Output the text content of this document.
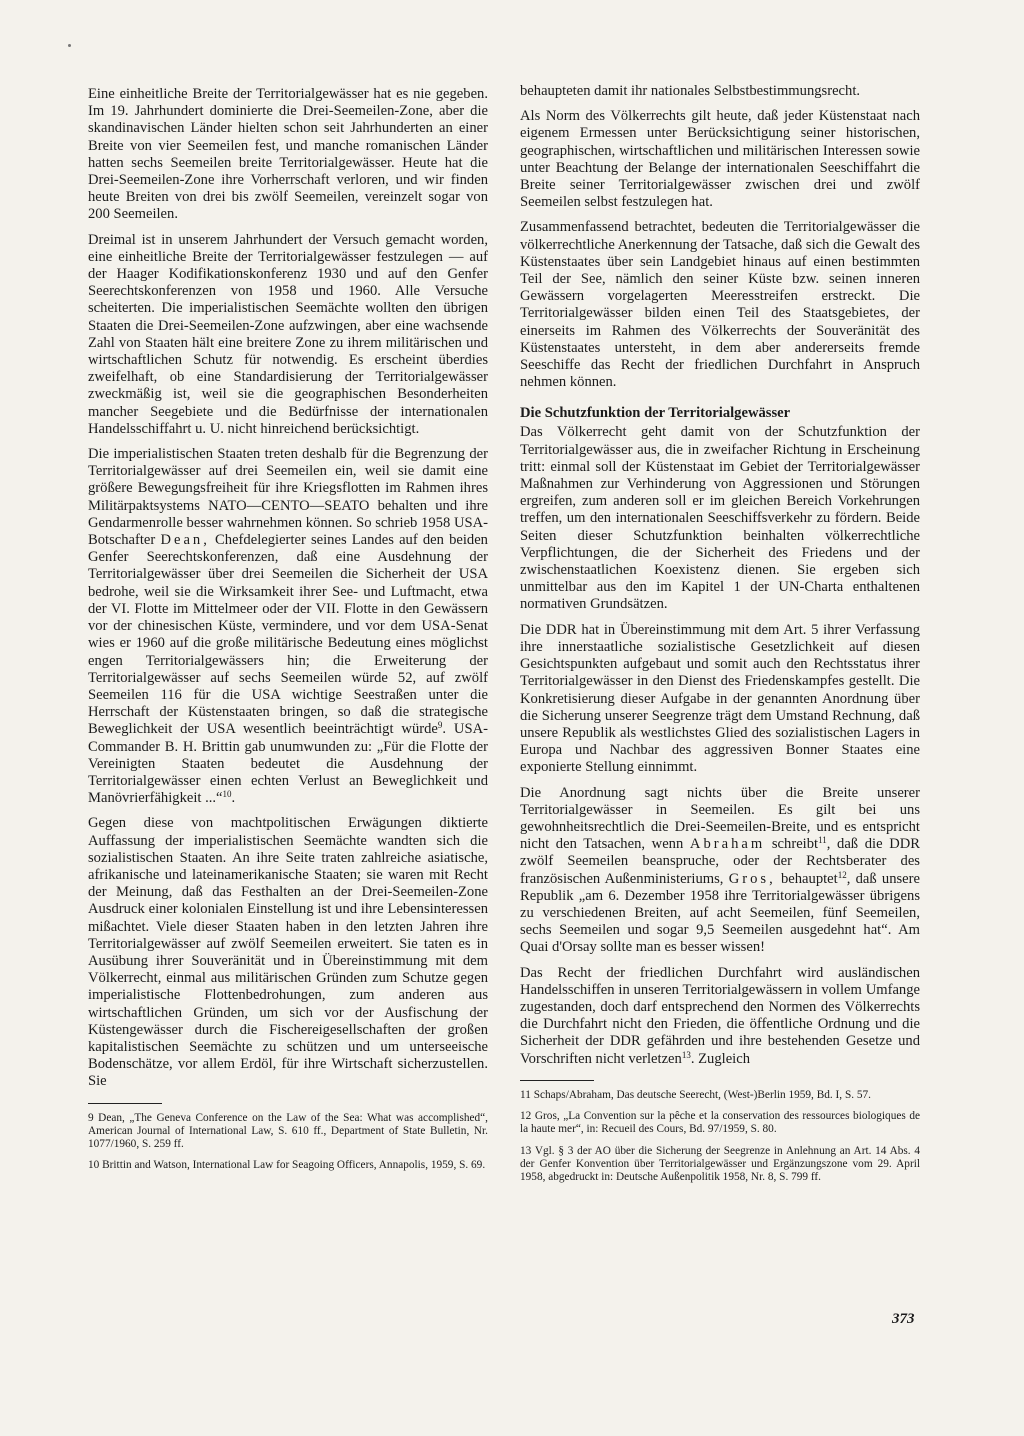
Eine einheitliche Breite der Territorialgewässer hat es nie gegeben. Im 19. Jahrhundert dominierte die Drei-Seemeilen-Zone, aber die skandinavischen Länder hielten schon seit Jahrhunderten an einer Breite von vier Seemeilen fest, und manche romanischen Länder hatten sechs Seemeilen breite Territorialgewässer. Heute hat die Drei-Seemeilen-Zone ihre Vorherrschaft verloren, und wir finden heute Breiten von drei bis zwölf Seemeilen, vereinzelt sogar von 200 Seemeilen.

Dreimal ist in unserem Jahrhundert der Versuch gemacht worden, eine einheitliche Breite der Territorialgewässer festzulegen — auf der Haager Kodifikationskonferenz 1930 und auf den Genfer Seerechtskonferenzen von 1958 und 1960. Alle Versuche scheiterten. Die imperialistischen Seemächte wollten den übrigen Staaten die Drei-Seemeilen-Zone aufzwingen, aber eine wachsende Zahl von Staaten hält eine breitere Zone zu ihrem militärischen und wirtschaftlichen Schutz für notwendig. Es erscheint überdies zweifelhaft, ob eine Standardisierung der Territorialgewässer zweckmäßig ist, weil sie die geographischen Besonderheiten mancher Seegebiete und die Bedürfnisse der internationalen Handelsschiffahrt u. U. nicht hinreichend berücksichtigt.

Die imperialistischen Staaten treten deshalb für die Begrenzung der Territorialgewässer auf drei Seemeilen ein, weil sie damit eine größere Bewegungsfreiheit für ihre Kriegsflotten im Rahmen ihres Militärpaktsystems NATO—CENTO—SEATO behalten und ihre Gendarmenrolle besser wahrnehmen können. So schrieb 1958 USA-Botschafter Dean, Chefdelegierter seines Landes auf den beiden Genfer Seerechtskonferenzen, daß eine Ausdehnung der Territorialgewässer über drei Seemeilen die Sicherheit der USA bedrohe, weil sie die Wirksamkeit ihrer See- und Luftmacht, etwa der VI. Flotte im Mittelmeer oder der VII. Flotte in den Gewässern vor der chinesischen Küste, vermindere, und vor dem USA-Senat wies er 1960 auf die große militärische Bedeutung eines möglichst engen Territorialgewässers hin; die Erweiterung der Territorialgewässer auf sechs Seemeilen würde 52, auf zwölf Seemeilen 116 für die USA wichtige Seestraßen unter die Herrschaft der Küstenstaaten bringen, so daß die strategische Beweglichkeit der USA wesentlich beeinträchtigt würde$^9$. USA-Commander B. H. Brittin gab unumwunden zu: „Für die Flotte der Vereinigten Staaten bedeutet die Ausdehnung der Territorialgewässer einen echten Verlust an Beweglichkeit und Manövrierfähigkeit ...“$^{10}$.

Gegen diese von machtpolitischen Erwägungen diktierte Auffassung der imperialistischen Seemächte wandten sich die sozialistischen Staaten. An ihre Seite traten zahlreiche asiatische, afrikanische und lateinamerikanische Staaten; sie waren mit Recht der Meinung, daß das Festhalten an der Drei-Seemeilen-Zone Ausdruck einer kolonialen Einstellung ist und ihre Lebensinteressen mißachtet. Viele dieser Staaten haben in den letzten Jahren ihre Territorialgewässer auf zwölf Seemeilen erweitert. Sie taten es in Ausübung ihrer Souveränität und in Übereinstimmung mit dem Völkerrecht, einmal aus militärischen Gründen zum Schutze gegen imperialistische Flottenbedrohungen, zum anderen aus wirtschaftlichen Gründen, um sich vor der Ausfischung der Küstengewässer durch die Fischereigesellschaften der großen kapitalistischen Seemächte zu schützen und um unterseeische Bodenschätze, vor allem Erdöl, für ihre Wirtschaft sicherzustellen. Sie

9 Dean, „The Geneva Conference on the Law of the Sea: What was accomplished“, American Journal of International Law, S. 610 ff., Department of State Bulletin, Nr. 1077/1960, S. 259 ff.

10 Brittin and Watson, International Law for Seagoing Officers, Annapolis, 1959, S. 69.

behaupteten damit ihr nationales Selbstbestimmungsrecht.

Als Norm des Völkerrechts gilt heute, daß jeder Küstenstaat nach eigenem Ermessen unter Berücksichtigung seiner historischen, geographischen, wirtschaftlichen und militärischen Interessen sowie unter Beachtung der Belange der internationalen Seeschiffahrt die Breite seiner Territorialgewässer zwischen drei und zwölf Seemeilen selbst festzulegen hat.

Zusammenfassend betrachtet, bedeuten die Territorialgewässer die völkerrechtliche Anerkennung der Tatsache, daß sich die Gewalt des Küstenstaates über sein Landgebiet hinaus auf einen bestimmten Teil der See, nämlich den seiner Küste bzw. seinen inneren Gewässern vorgelagerten Meeresstreifen erstreckt. Die Territorialgewässer bilden einen Teil des Staatsgebietes, der einerseits im Rahmen des Völkerrechts der Souveränität des Küstenstaates untersteht, in dem aber andererseits fremde Seeschiffe das Recht der friedlichen Durchfahrt in Anspruch nehmen können.

Die Schutzfunktion der Territorialgewässer

Das Völkerrecht geht damit von der Schutzfunktion der Territorialgewässer aus, die in zweifacher Richtung in Erscheinung tritt: einmal soll der Küstenstaat im Gebiet der Territorialgewässer Maßnahmen zur Verhinderung von Aggressionen und Störungen ergreifen, zum anderen soll er im gleichen Bereich Vorkehrungen treffen, um den internationalen Seeschiffsverkehr zu fördern. Beide Seiten dieser Schutzfunktion beinhalten völkerrechtliche Verpflichtungen, die der Sicherheit des Friedens und der zwischenstaatlichen Koexistenz dienen. Sie ergeben sich unmittelbar aus den im Kapitel 1 der UN-Charta enthaltenen normativen Grundsätzen.

Die DDR hat in Übereinstimmung mit dem Art. 5 ihrer Verfassung ihre innerstaatliche sozialistische Gesetzlichkeit auf diesen Gesichtspunkten aufgebaut und somit auch den Rechtsstatus ihrer Territorialgewässer in den Dienst des Friedenskampfes gestellt. Die Konkretisierung dieser Aufgabe in der genannten Anordnung über die Sicherung unserer Seegrenze trägt dem Umstand Rechnung, daß unsere Republik als westlichstes Glied des sozialistischen Lagers in Europa und Nachbar des aggressiven Bonner Staates eine exponierte Stellung einnimmt.

Die Anordnung sagt nichts über die Breite unserer Territorialgewässer in Seemeilen. Es gilt bei uns gewohnheitsrechtlich die Drei-Seemeilen-Breite, und es entspricht nicht den Tatsachen, wenn Abraham schreibt$^{11}$, daß die DDR zwölf Seemeilen beanspruche, oder der Rechtsberater des französischen Außenministeriums, Gros, behauptet$^{12}$, daß unsere Republik „am 6. Dezember 1958 ihre Territorialgewässer übrigens zu verschiedenen Breiten, auf acht Seemeilen, fünf Seemeilen, sechs Seemeilen und sogar 9,5 Seemeilen ausgedehnt hat“. Am Quai d'Orsay sollte man es besser wissen!

Das Recht der friedlichen Durchfahrt wird ausländischen Handelsschiffen in unseren Territorialgewässern in vollem Umfange zugestanden, doch darf entsprechend den Normen des Völkerrechts die Durchfahrt nicht den Frieden, die öffentliche Ordnung und die Sicherheit der DDR gefährden und ihre bestehenden Gesetze und Vorschriften nicht verletzen$^{13}$. Zugleich

11 Schaps/Abraham, Das deutsche Seerecht, (West-)Berlin 1959, Bd. I, S. 57.

12 Gros, „La Convention sur la pêche et la conservation des ressources biologiques de la haute mer“, in: Recueil des Cours, Bd. 97/1959, S. 80.

13 Vgl. § 3 der AO über die Sicherung der Seegrenze in Anlehnung an Art. 14 Abs. 4 der Genfer Konvention über Territorialgewässer und Ergänzungszone vom 29. April 1958, abgedruckt in: Deutsche Außenpolitik 1958, Nr. 8, S. 799 ff.

373
